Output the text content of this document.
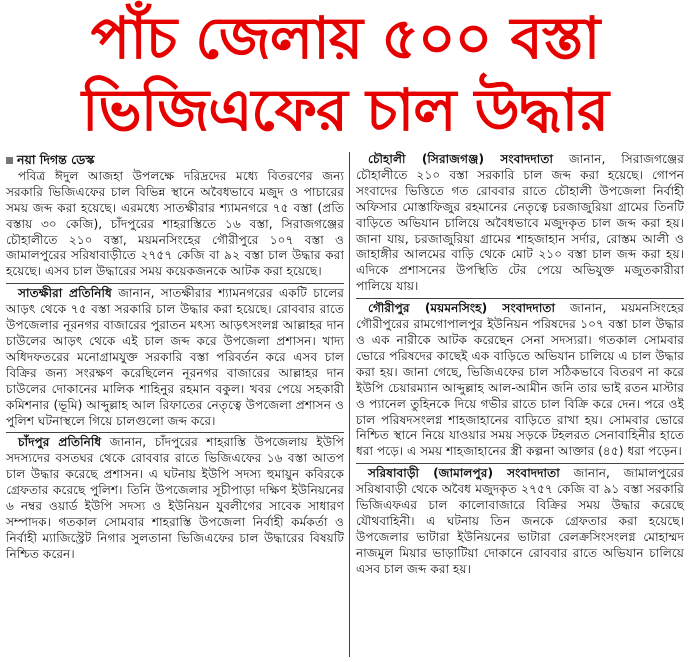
পাঁচ জেলায় ৫০০ বস্তা
ভিজিএফের চাল উদ্ধার
নয়া দিগন্ত ডেস্ক

পবিত্র ঈদুল আজহা উপলক্ষে দরিদ্রদের মধ্যে বিতরণের জন্য সরকারি ভিজিএফের চাল বিভিন্ন স্থানে অবৈধভাবে মজুদ ও পাচারের সময় জব্দ করা হয়েছে। এরমধ্যে সাতক্ষীরার শ্যামনগরে ৭৫ বস্তা (প্রতি বস্তায় ৩০ কেজি), চাঁদপুরের শাহরাস্তিতে ১৬ বস্তা, সিরাজগঞ্জের চৌহালীতে ২১০ বস্তা, ময়মনসিংহের গৌরীপুরে ১০৭ বস্তা ও জামালপুরের সরিষাবাড়ীতে ২৭৫৭ কেজি বা ৯২ বস্তা চাল উদ্ধার করা হয়েছে। এসব চাল উদ্ধারের সময় কয়েকজনকে আটক করা হয়েছে।

সাতক্ষীরা প্রতিনিধি জানান, সাতক্ষীরার শ্যামনগরের একটি চালের আড়ৎ থেকে ৭৫ বস্তা সরকারি চাল উদ্ধার করা হয়েছে। রোববার রাতে উপজেলার নূরনগর বাজারের পুরাতন মৎস্য আড়ৎসংলগ্ন আল্লাহর দান চাউলের আড়ৎ থেকে এই চাল জব্দ করে উপজেলা প্রশাসন। খাদ্য অধিদফতরের মনোগ্রামযুক্ত সরকারি বস্তা পরিবর্তন করে এসব চাল বিক্রির জন্য সংরক্ষণ করেছিলেন নূরনগর বাজারের আল্লাহর দান চাউলের দোকানের মালিক শাহিনুর রহমান বকুল। খবর পেয়ে সহকারী কমিশনার (ভূমি) আব্দুল্লাহ আল রিফাতের নেতৃত্বে উপজেলা প্রশাসন ও পুলিশ ঘটনাস্থলে গিয়ে চালগুলো জব্দ করে।

চাঁদপুর প্রতিনিধি জানান, চাঁদপুরের শাহরাস্তি উপজেলায় ইউপি সদস্যদের বসতঘর থেকে রোববার রাতে ভিজিএফের ১৬ বস্তা আতপ চাল উদ্ধার করেছে প্রশাসন। এ ঘটনায় ইউপি সদস্য হুমায়ুন কবিরকে গ্রেফতার করেছে পুলিশ। তিনি উপজেলার সূচীপাড়া দক্ষিণ ইউনিয়নের ৬ নম্বর ওয়ার্ড ইউপি সদস্য ও ইউনিয়ন যুবলীগের সাবেক সাধারণ সম্পাদক। গতকাল সোমবার শাহরাস্তি উপজেলা নির্বাহী কর্মকর্তা ও নির্বাহী ম্যাজিস্ট্রেট নিগার সুলতানা ভিজিএফের চাল উদ্ধারের বিষয়টি নিশ্চিত করেন।

চৌহালী (সিরাজগঞ্জ) সংবাদদাতা জানান, সিরাজগঞ্জের চৌহালীতে ২১০ বস্তা সরকারি চাল জব্দ করা হয়েছে। গোপন সংবাদের ভিত্তিতে গত রোববার রাতে চৌহালী উপজেলা নির্বাহী অফিসার মোস্তাফিজুর রহমানের নেতৃত্বে চরজাজুরিয়া গ্রামের তিনটি বাড়িতে অভিযান চালিয়ে অবৈধভাবে মজুদকৃত চাল জব্দ করা হয়। জানা যায়, চরজাজুরিয়া গ্রামের শাহজাহান সর্দার, রোস্তম আলী ও জাহাঙ্গীর আলমের বাড়ি থেকে মোট ২১০ বস্তা চাল জব্দ করা হয়। এদিকে প্রশাসনের উপস্থিতি টের পেয়ে অভিযুক্ত মজুতকারীরা পালিয়ে যায়।

গৌরীপুর (ময়মনসিংহ) সংবাদদাতা জানান, ময়মনসিংহের গৌরীপুরের রামগোপালপুর ইউনিয়ন পরিষদের ১০৭ বস্তা চাল উদ্ধার ও এক নারীকে আটক করেছেন সেনা সদস্যরা। গতকাল সোমবার ভোরে পরিষদের কাছেই এক বাড়িতে অভিযান চালিয়ে এ চাল উদ্ধার করা হয়। জানা গেছে, ভিজিএফের চাল সঠিকভাবে বিতরণ না করে ইউপি চেয়ারম্যান আব্দুল্লাহ আল-আমীন জনি তার ভাই রতন মাস্টার ও প্যানেল তুহিনকে দিয়ে গভীর রাতে চাল বিক্রি করে দেন। পরে ওই চাল পরিষদসংলগ্ন শাহজাহানের বাড়িতে রাখা হয়। সোমবার ভোরে নিশ্চিত স্থানে নিয়ে যাওয়ার সময় সড়কে টহলরত সেনাবাহিনীর হাতে ধরা পড়ে। এ সময় শাহজাহানের স্ত্রী কল্পনা আক্তার (৪৫) ধরা পড়েন।

সরিষাবাড়ী (জামালপুর) সংবাদদাতা জানান, জামালপুরের সরিষাবাড়ী থেকে অবৈধ মজুদকৃত ২৭৫৭ কেজি বা ৯১ বস্তা সরকারি ভিজিএফএর চাল কালোবাজারে বিক্রির সময় উদ্ধার করেছে যৌথবাহিনী। এ ঘটনায় তিন জনকে গ্রেফতার করা হয়েছে। উপজেলার ভাটারা ইউনিয়নের ভাটারা রেলক্রসিংসংলগ্ন মোহাম্মদ নাজমুল মিয়ার ভাড়াটিয়া দোকানে রোববার রাতে অভিযান চালিয়ে এসব চাল জব্দ করা হয়।
